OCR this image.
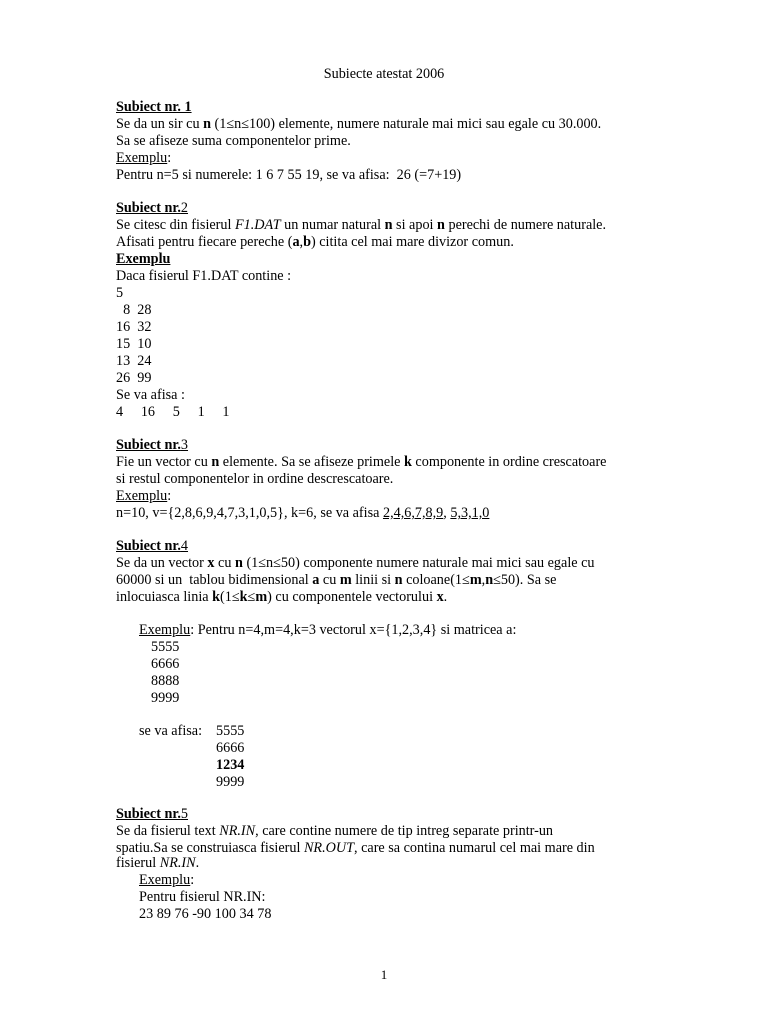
Subiecte atestat 2006
Subiect nr. 1
Se da un sir cu n (1≤n≤100) elemente, numere naturale mai mici sau egale cu 30.000.
Sa se afiseze suma componentelor prime.
Exemplu:
Pentru n=5 si numerele: 1 6 7 55 19, se va afisa:  26 (=7+19)
Subiect nr.2
Se citesc din fisierul F1.DAT un numar natural n si apoi n perechi de numere naturale.
Afisati pentru fiecare pereche (a,b) citita cel mai mare divizor comun.
Exemplu
Daca fisierul F1.DAT contine :
5
8  28
16  32
15  10
13  24
26  99
Se va afisa :
4     16     5     1     1
Subiect nr.3
Fie un vector cu n elemente. Sa se afiseze primele k componente in ordine crescatoare
si restul componentelor in ordine descrescatoare.
Exemplu:
n=10, v={2,8,6,9,4,7,3,1,0,5}, k=6, se va afisa 2,4,6,7,8,9, 5,3,1,0
Subiect nr.4
Se da un vector x cu n (1≤n≤50) componente numere naturale mai mici sau egale cu
60000 si un  tablou bidimensional a cu m linii si n coloane(1≤m,n≤50). Sa se
inlocuiasca linia k(1≤k≤m) cu componentele vectorului x.
Exemplu: Pentru n=4,m=4,k=3 vectorul x={1,2,3,4} si matricea a:
5555
6666
8888
9999
se va afisa: 5555
6666
1234
9999
Subiect nr.5
Se da fisierul text NR.IN, care contine numere de tip intreg separate printr-un
spatiu.Sa se construiasca fisierul NR.OUT, care sa contina numarul cel mai mare din
fisierul NR.IN.
Exemplu:
Pentru fisierul NR.IN:
23 89 76 -90 100 34 78
1
